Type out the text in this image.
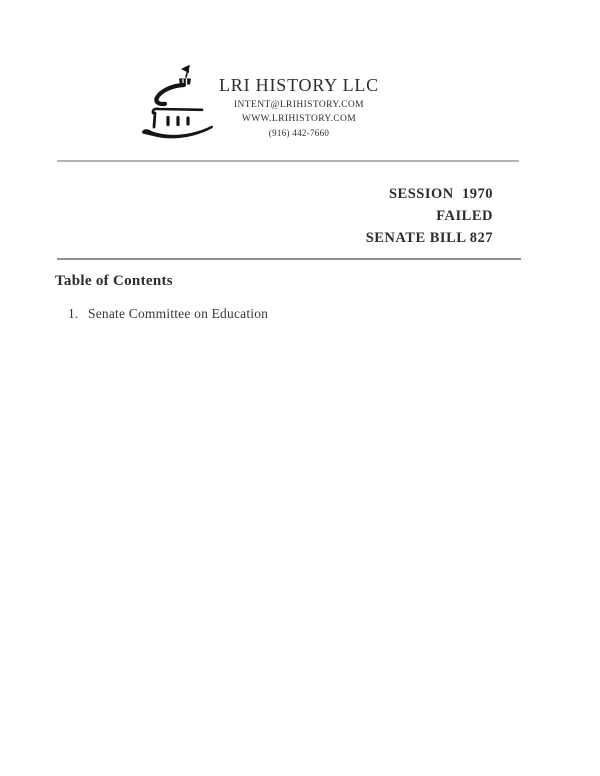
LRI HISTORY LLC
INTENT@LRIHISTORY.COM
WWW.LRIHISTORY.COM
(916) 442-7660
SESSION  1970
FAILED
SENATE BILL 827
Table of Contents
1. Senate Committee on Education
